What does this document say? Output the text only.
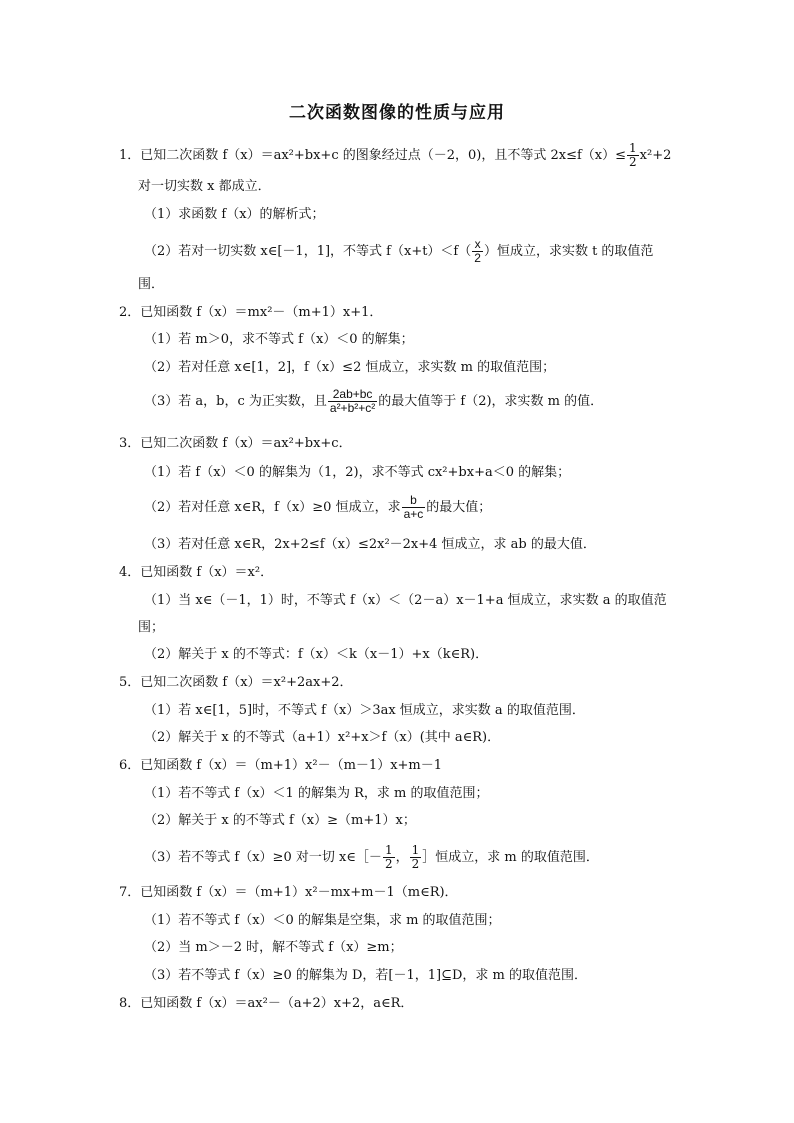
二次函数图像的性质与应用
1．已知二次函数 f（x）＝ax²+bx+c 的图象经过点（－2，0)，且不等式 $2x\le f(x)\le \frac{1}{2} x^2+2$
对一切实数 x 都成立．
（1）求函数 f（x）的解析式；
（2）若对一切实数 x∈[－1，1]，不等式 $f(x+t)<f( \frac{x}{2}$ ）恒成立，求实数 t 的取值范
围．
2．已知函数 f（x）＝mx²－（m+1）x+1．
（1）若 m＞0，求不等式 f（x）＜0 的解集；
（2）若对任意 x∈[1，2]，f（x）≤2 恒成立，求实数 m 的取值范围；
（3）若 a，b，c 为正实数，且 $\frac{2ab+bc}{\text{a²+b²+c²}}$ 的最大值等于 f（2)，求实数 m 的值．
3．已知二次函数 f（x）＝ax²+bx+c．
（1）若 f（x）＜0 的解集为（1，2)，求不等式 cx²+bx+a＜0 的解集；
（2）若对任意 x∈R，f（x）≥0 恒成立，求 $\frac{b}{a+c}$ 的最大值；
（3）若对任意 x∈R，2x+2≤f（x）≤2x²－2x+4 恒成立，求 ab 的最大值．
4．已知函数 f（x）＝x²．
（1）当 x∈（－1，1）时，不等式 f（x）＜（2－a）x－1+a 恒成立，求实数 a 的取值范
围；
（2）解关于 x 的不等式：f（x）＜k（x－1）+x（k∈R)．
5．已知二次函数 f（x）＝x²+2ax+2．
（1）若 x∈[1，5]时，不等式 f（x）＞3ax 恒成立，求实数 a 的取值范围．
（2）解关于 x 的不等式（a+1）x²+x＞f（x）(其中 a∈R)．
6．已知函数 f（x）＝（m+1）x²－（m－1）x+m－1
（1）若不等式 f（x）＜1 的解集为 R，求 m 的取值范围；
（2）解关于 x 的不等式 f（x）≥（m+1）x；
（3）若不等式 f（x）≥0 对一切 x∈［－ $\frac{1}{2}$ ， $\frac{1}{2}$ ］恒成立，求 m 的取值范围．
7．已知函数 f（x）＝（m+1）x²－mx+m－1（m∈R)．
（1）若不等式 f（x）＜0 的解集是空集，求 m 的取值范围；
（2）当 m＞－2 时，解不等式 f（x）≥m；
（3）若不等式 f（x）≥0 的解集为 D，若[－1，1]⊆D，求 m 的取值范围．
8．已知函数 f（x）＝ax²－（a+2）x+2，a∈R．
